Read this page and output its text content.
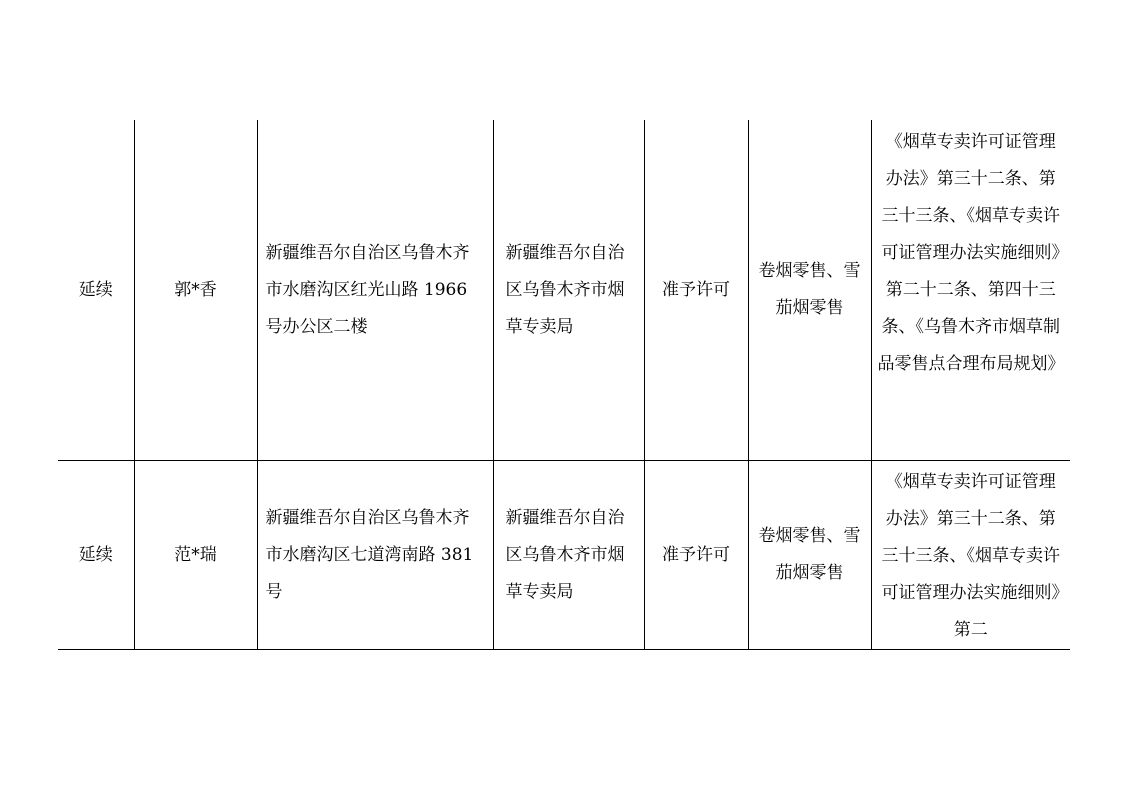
延续	郭*香	新疆维吾尔自治区乌鲁木齐市水磨沟区红光山路 1966 号办公区二楼	新疆维吾尔自治区乌鲁木齐市烟草专卖局	准予许可	卷烟零售、雪茄烟零售	《烟草专卖许可证管理办法》第三十二条、第三十三条、《烟草专卖许可证管理办法实施细则》第二十二条、第四十三条、《乌鲁木齐市烟草制品零售点合理布局规划》

延续	范*瑞	新疆维吾尔自治区乌鲁木齐市水磨沟区七道湾南路 381 号	新疆维吾尔自治区乌鲁木齐市烟草专卖局	准予许可	卷烟零售、雪茄烟零售	《烟草专卖许可证管理办法》第三十二条、第三十三条、《烟草专卖许可证管理办法实施细则》第二
